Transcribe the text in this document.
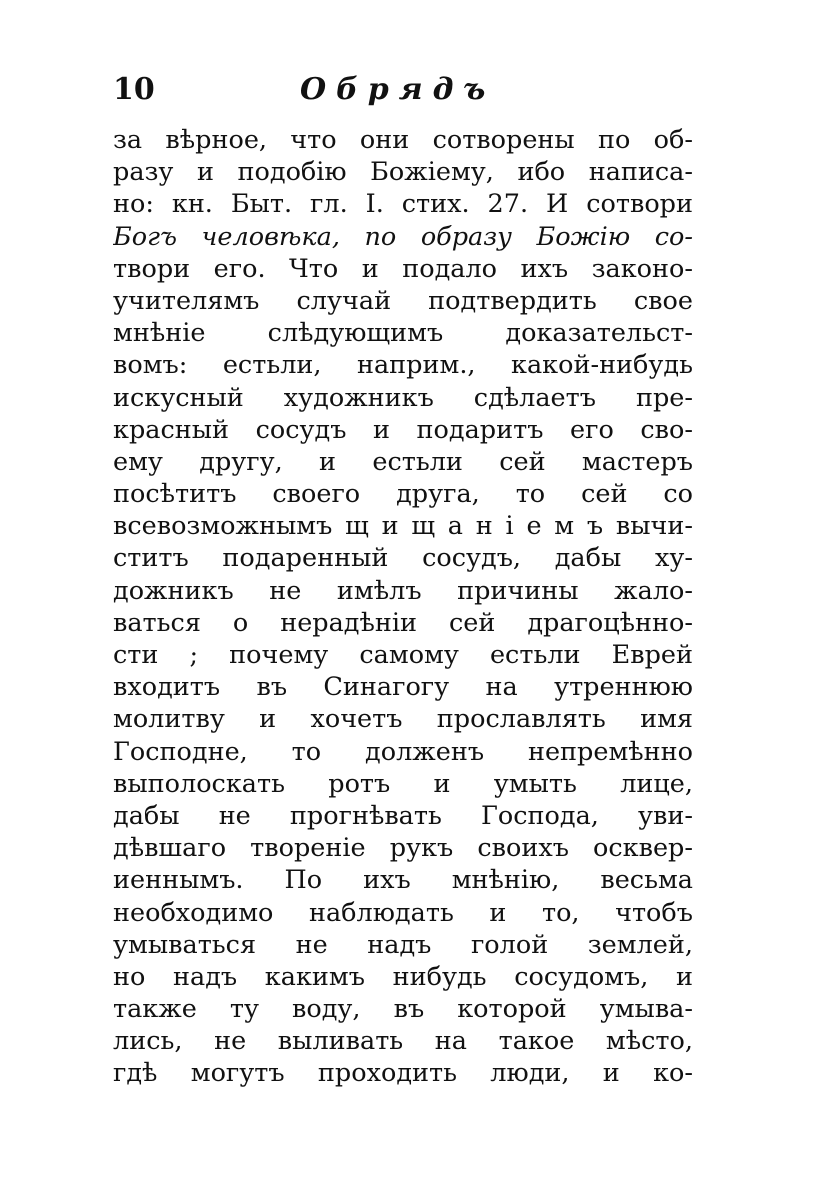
10	Обрядъ
за вѣрное, что они сотворены по об-
разу и подобію Божіему, ибо написа-
но: кн. Быт. гл. I. стих. 27. И сотвори
Богъ человѣка, по образу Божію со-
твори его. Что и подало ихъ законо-
учителямъ случай подтвердить свое
мнѣніе слѣдующимъ доказательст-
вомъ: естьли, наприм., какой-нибудь
искусный художникъ сдѣлаетъ пре-
красный сосудъ и подаритъ его сво-
ему другу, и естьли сей мастеръ
посѣтитъ своего друга, то сей со
всевозможнымъ щ и щ а н і е м ъ вычи-
ститъ подаренный сосудъ, дабы ху-
дожникъ не имѣлъ причины жало-
ваться о нерадѣніи сей драгоцѣнно-
сти ; почему самому естьли Еврей
входитъ въ Синагогу на утреннюю
молитву и хочетъ прославлять имя
Господне, то долженъ непремѣнно
выполоскать ротъ и умыть лице,
дабы не прогнѣвать Господа, уви-
дѣвшаго твореніе рукъ своихъ осквер-
иеннымъ. По ихъ мнѣнію, весьма
необходимо наблюдать и то, чтобъ
умываться не надъ голой землей,
но надъ какимъ нибудь сосудомъ, и
также ту воду, въ которой умыва-
лись, не выливать на такое мѣсто,
гдѣ могутъ проходить люди, и ко-
